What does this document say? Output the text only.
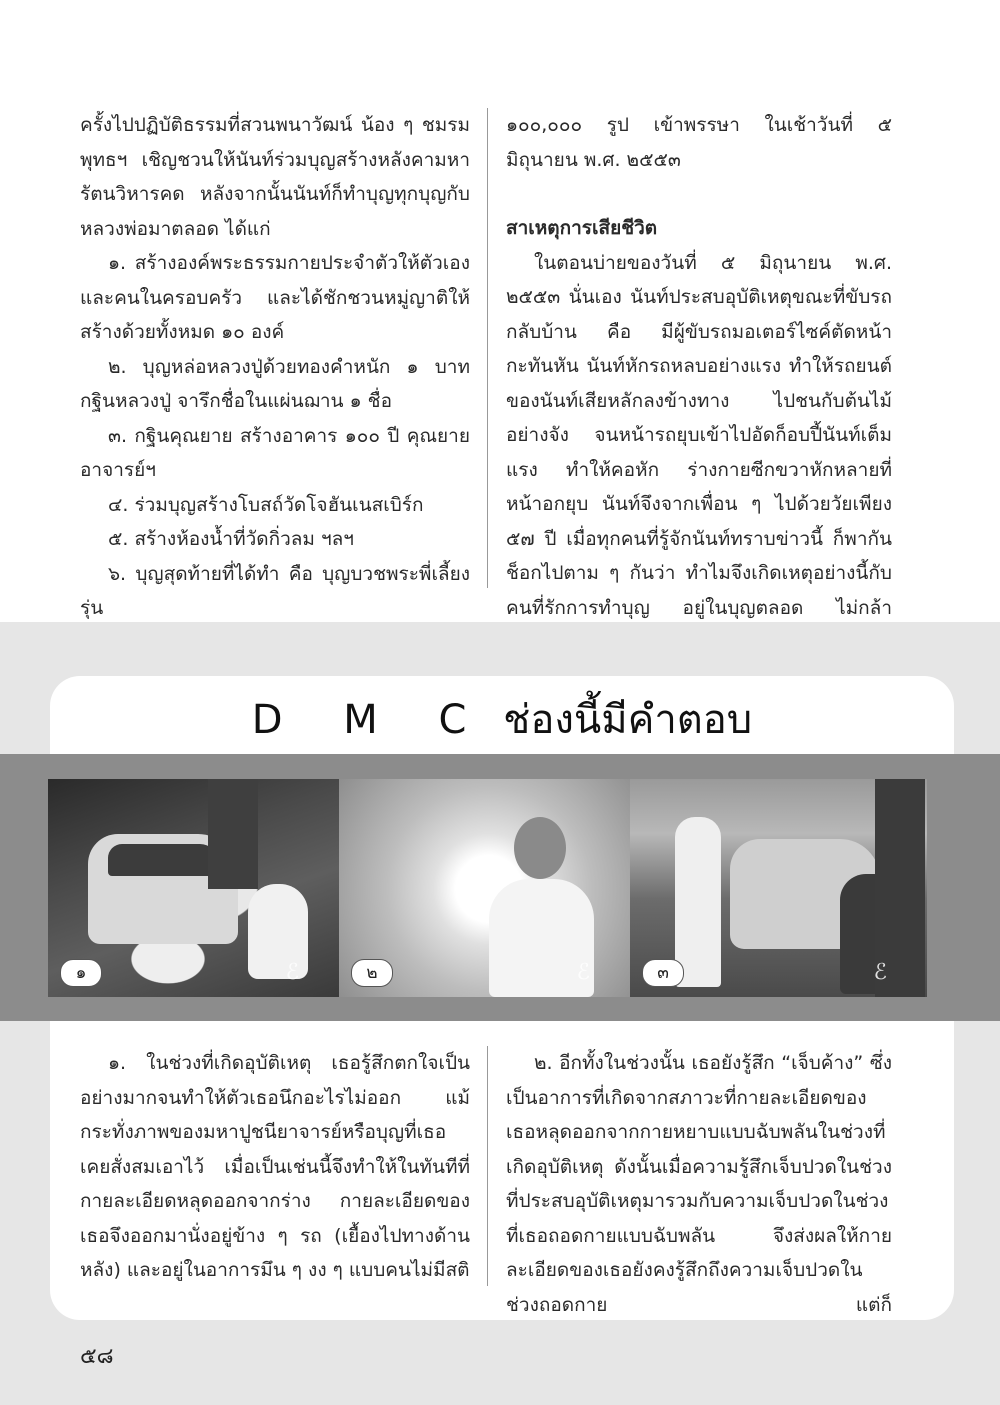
ครั้งไปปฏิบัติธรรมที่สวนพนาวัฒน์ น้อง ๆ ชมรมพุทธฯ เชิญชวนให้นันท์ร่วมบุญสร้างหลังคามหารัตนวิหารคด หลังจากนั้นนันท์ก็ทำบุญทุกบุญกับหลวงพ่อมาตลอด ได้แก่

๑. สร้างองค์พระธรรมกายประจำตัวให้ตัวเองและคนในครอบครัว และได้ชักชวนหมู่ญาติให้สร้างด้วยทั้งหมด ๑๐ องค์

๒. บุญหล่อหลวงปู่ด้วยทองคำหนัก ๑ บาท กฐินหลวงปู่ จารึกชื่อในแผ่นฌาน ๑ ชื่อ

๓. กฐินคุณยาย สร้างอาคาร ๑๐๐ ปี คุณยาย อาจารย์ฯ

๔. ร่วมบุญสร้างโบสถ์วัดโจฮันเนสเบิร์ก

๕. สร้างห้องน้ำที่วัดกิ่วลม ฯลฯ

๖. บุญสุดท้ายที่ได้ทำ คือ บุญบวชพระพี่เลี้ยงรุ่น

๑๐๐,๐๐๐ รูป เข้าพรรษา ในเช้าวันที่ ๕ มิถุนายน พ.ศ. ๒๕๕๓

สาเหตุการเสียชีวิต

ในตอนบ่ายของวันที่ ๕ มิถุนายน พ.ศ. ๒๕๕๓ นั่นเอง นันท์ประสบอุบัติเหตุขณะที่ขับรถกลับบ้าน คือ มีผู้ขับรถมอเตอร์ไซค์ตัดหน้ากะทันหัน นันท์หักรถหลบอย่างแรง ทำให้รถยนต์ของนันท์เสียหลักลงข้างทาง ไปชนกับต้นไม้อย่างจัง จนหน้ารถยุบเข้าไปอัดก็อบปี้นันท์เต็มแรง ทำให้คอหัก ร่างกายซีกขวาหักหลายที่ หน้าอกยุบ นันท์จึงจากเพื่อน ๆ ไปด้วยวัยเพียง ๕๗ ปี เมื่อทุกคนที่รู้จักนันท์ทราบข่าวนี้ ก็พากันช็อกไปตาม ๆ กันว่า ทำไมจึงเกิดเหตุอย่างนี้กับคนที่รักการทำบุญ อยู่ในบุญตลอด ไม่กล้า

D M C ช่องนี้มีคำตอบ
๑	ℰ	๒	ℰ	๓	ℰ

๑. ในช่วงที่เกิดอุบัติเหตุ เธอรู้สึกตกใจเป็นอย่างมากจนทำให้ตัวเธอนึกอะไรไม่ออก แม้กระทั่งภาพของมหาปูชนียาจารย์หรือบุญที่เธอเคยสั่งสมเอาไว้ เมื่อเป็นเช่นนี้จึงทำให้ในทันทีที่กายละเอียดหลุดออกจากร่าง กายละเอียดของเธอจึงออกมานั่งอยู่ข้าง ๆ รถ (เยื้องไปทางด้านหลัง) และอยู่ในอาการมึน ๆ งง ๆ แบบคนไม่มีสติ

๒. อีกทั้งในช่วงนั้น เธอยังรู้สึก “เจ็บค้าง” ซึ่งเป็นอาการที่เกิดจากสภาวะที่กายละเอียดของเธอหลุดออกจากกายหยาบแบบฉับพลันในช่วงที่เกิดอุบัติเหตุ ดังนั้นเมื่อความรู้สึกเจ็บปวดในช่วงที่ประสบอุบัติเหตุมารวมกับความเจ็บปวดในช่วงที่เธอถอดกายแบบฉับพลัน จึงส่งผลให้กายละเอียดของเธอยังคงรู้สึกถึงความเจ็บปวดในช่วงถอดกาย แต่ก็

๕๘
